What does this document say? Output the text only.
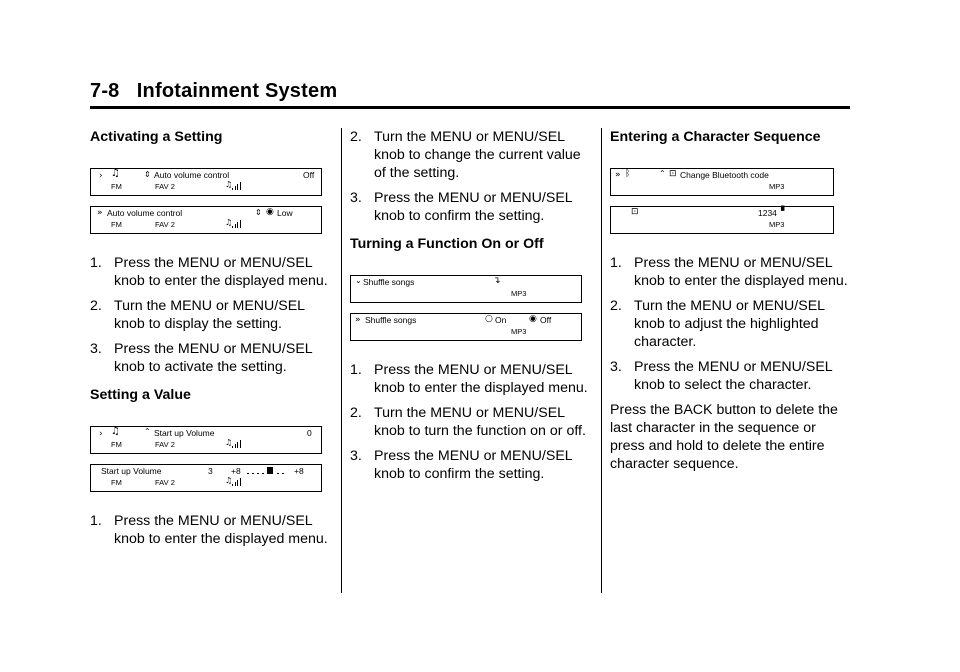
7-8 Infotainment System
Activating a Setting
› ♫	⇕ Auto volume control	Off
FM	FAV 2	♫
» Auto volume control	⇕ ◉ Low
FM	FAV 2	♫
1. Press the MENU or MENU/SEL knob to enter the displayed menu.
2. Turn the MENU or MENU/SEL knob to display the setting.
3. Press the MENU or MENU/SEL knob to activate the setting.
Setting a Value
› ♫	⌃ Start up Volume	0
FM	FAV 2	♫
Start up Volume	3 +8	+8
FM	FAV 2	♫
1. Press the MENU or MENU/SEL knob to enter the displayed menu.
2. Turn the MENU or MENU/SEL knob to change the current value of the setting.
3. Press the MENU or MENU/SEL knob to confirm the setting.
Turning a Function On or Off
⌄ Shuffle songs	↴
MP3
» Shuffle songs	○ On	◉ Off
MP3
1. Press the MENU or MENU/SEL knob to enter the displayed menu.
2. Turn the MENU or MENU/SEL knob to turn the function on or off.
3. Press the MENU or MENU/SEL knob to confirm the setting.
Entering a Character Sequence
» ᛒ	⌃ ⊡ Change Bluetooth code
MP3
⊡	1234 ▘
MP3
1. Press the MENU or MENU/SEL knob to enter the displayed menu.
2. Turn the MENU or MENU/SEL knob to adjust the highlighted character.
3. Press the MENU or MENU/SEL knob to select the character.
Press the BACK button to delete the last character in the sequence or press and hold to delete the entire character sequence.
